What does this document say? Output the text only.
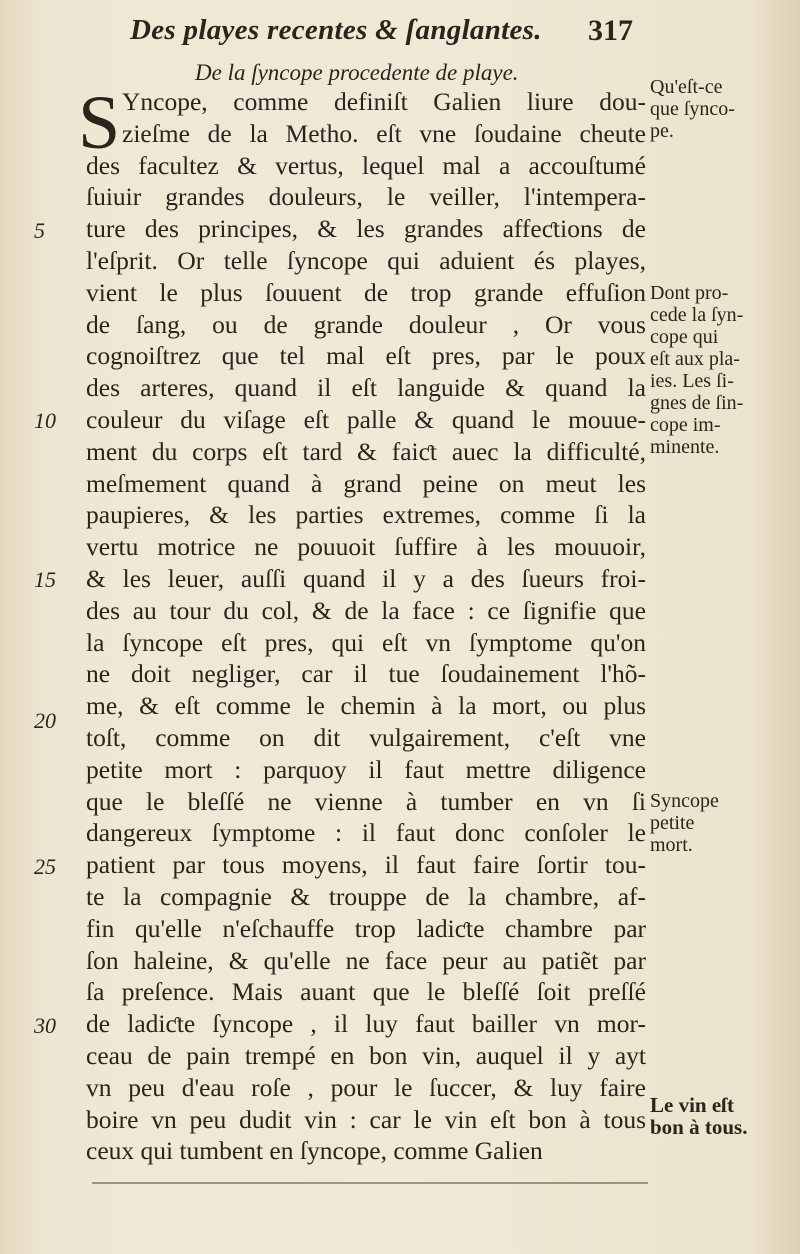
Des playes recentes & ſanglantes.	317
De la ſyncope procedente de playe.
S Yncope, comme definiſt Galien liure dou-
zieſme de la Metho. eſt vne ſoudaine cheute
des facultez & vertus, lequel mal a accouſtumé
ſuiuir grandes douleurs, le veiller, l'intempera-
ture des principes, & les grandes affeƈtions de
l'eſprit. Or telle ſyncope qui aduient és playes,
vient le plus ſouuent de trop grande effuſion
de ſang, ou de grande douleur , Or vous
cognoiſtrez que tel mal eſt pres, par le poux
des arteres, quand il eſt languide & quand la
couleur du viſage eſt palle & quand le mouue-
ment du corps eſt tard & faiƈt auec la difficulté,
meſmement quand à grand peine on meut les
paupieres, & les parties extremes, comme ſi la
vertu motrice ne pouuoit ſuffire à les mouuoir,
& les leuer, auſſi quand il y a des ſueurs froi-
des au tour du col, & de la face : ce ſignifie que
la ſyncope eſt pres, qui eſt vn ſymptome qu'on
ne doit negliger, car il tue ſoudainement l'hõ-
me, & eſt comme le chemin à la mort, ou plus
toſt, comme on dit vulgairement, c'eſt vne
petite mort : parquoy il faut mettre diligence
que le bleſſé ne vienne à tumber en vn ſi
dangereux ſymptome : il faut donc conſoler le
patient par tous moyens, il faut faire ſortir tou-
te la compagnie & trouppe de la chambre, af-
fin qu'elle n'eſchauffe trop ladiƈte chambre par
ſon haleine, & qu'elle ne face peur au patiẽt par
ſa preſence. Mais auant que le bleſſé ſoit preſſé
de ladiƈte ſyncope , il luy faut bailler vn mor-
ceau de pain trempé en bon vin, auquel il y ayt
vn peu d'eau roſe , pour le ſuccer, & luy faire
boire vn peu dudit vin : car le vin eſt bon à tous
ceux qui tumbent en ſyncope, comme Galien
5
10
15
20
25
30
Qu'eſt-ce
que ſynco-
pe.
Dont pro-
cede la ſyn-
cope qui
eſt aux pla-
ies. Les ſi-
gnes de ſin-
cope im-
minente.
Syncope
petite
mort.
Le vin eſt
bon à tous.
